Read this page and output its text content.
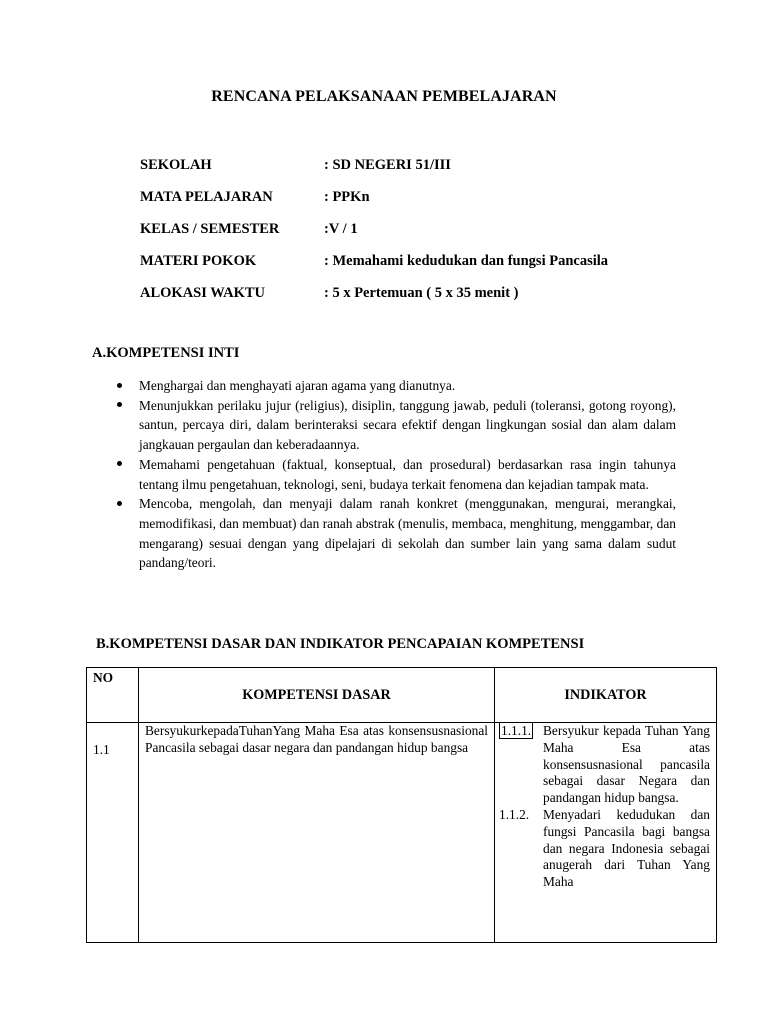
RENCANA PELAKSANAAN PEMBELAJARAN
SEKOLAH	: SD NEGERI 51/III
MATA PELAJARAN	: PPKn
KELAS / SEMESTER	:V / 1
MATERI POKOK	: Memahami kedudukan dan fungsi Pancasila
ALOKASI WAKTU	: 5 x Pertemuan ( 5 x 35 menit )
A.KOMPETENSI INTI
Menghargai dan menghayati ajaran agama yang dianutnya.
Menunjukkan perilaku jujur (religius), disiplin, tanggung jawab, peduli (toleransi, gotong royong), santun, percaya diri, dalam berinteraksi secara efektif dengan lingkungan sosial dan alam dalam jangkauan pergaulan dan keberadaannya.
Memahami pengetahuan (faktual, konseptual, dan prosedural) berdasarkan rasa ingin tahunya tentang ilmu pengetahuan, teknologi, seni, budaya terkait fenomena dan kejadian tampak mata.
Mencoba, mengolah, dan menyaji dalam ranah konkret (menggunakan, mengurai, merangkai, memodifikasi, dan membuat) dan ranah abstrak (menulis, membaca, menghitung, menggambar, dan mengarang) sesuai dengan yang dipelajari di sekolah dan sumber lain yang sama dalam sudut pandang/teori.
B.KOMPETENSI DASAR DAN INDIKATOR PENCAPAIAN KOMPETENSI
NO	KOMPETENSI DASAR	INDIKATOR
1.1	BersyukurkepadaTuhanYang Maha Esa atas konsensusnasional Pancasila sebagai dasar negara dan pandangan hidup bangsa	1.1.1. Bersyukur kepada Tuhan Yang Maha Esa atas konsensusnasional pancasila sebagai dasar Negara dan pandangan hidup bangsa.
1.1.2. Menyadari kedudukan dan fungsi Pancasila bagi bangsa dan negara Indonesia sebagai anugerah dari Tuhan Yang Maha
